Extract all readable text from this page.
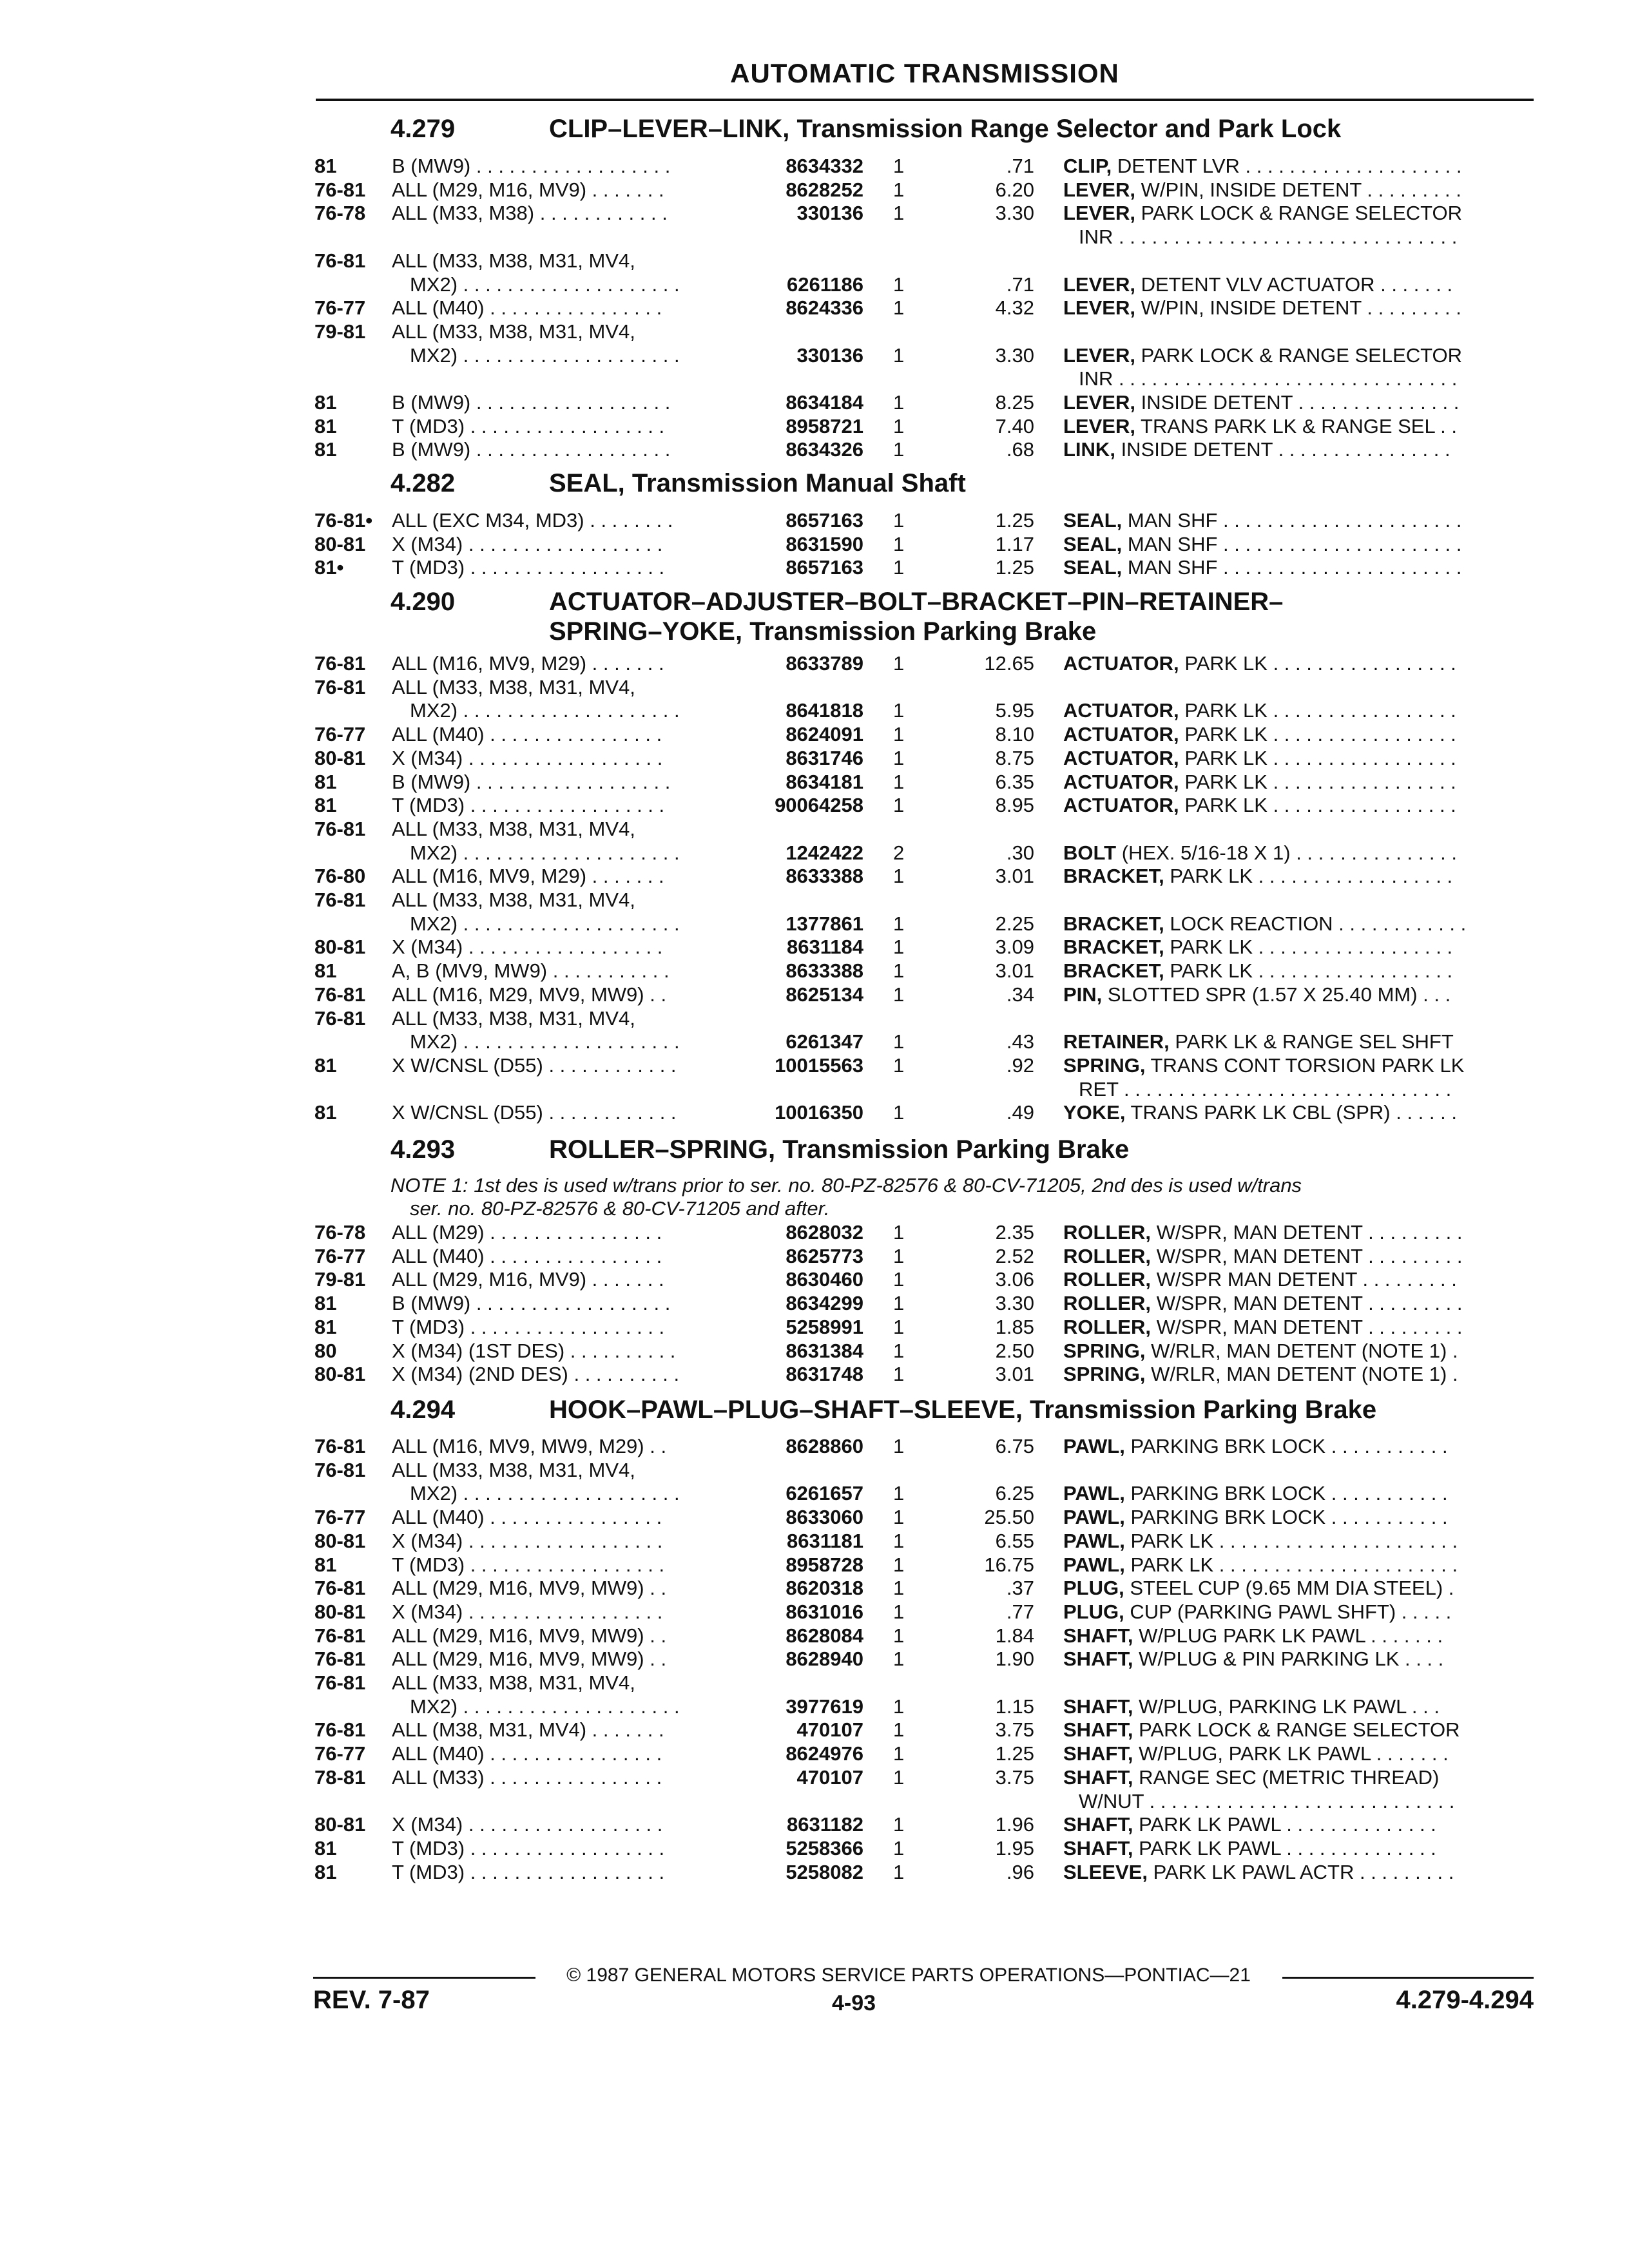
AUTOMATIC TRANSMISSION
4.279	CLIP–LEVER–LINK, Transmission Range Selector and Park Lock
81	B (MW9) . . . . . . . . . . . . . . . . . .	8634332 1	.71 CLIP, DETENT LVR . . . . . . . . . . . . . . . . . . . .
76-81 ALL (M29, M16, MV9) . . . . . . .	8628252 1	6.20 LEVER, W/PIN, INSIDE DETENT . . . . . . . . .
76-78 ALL (M33, M38) . . . . . . . . . . . .	330136 1	3.30 LEVER, PARK LOCK & RANGE SELECTOR
INR . . . . . . . . . . . . . . . . . . . . . . . . . . . . . . .
76-81 ALL (M33, M38, M31, MV4,
MX2) . . . . . . . . . . . . . . . . . . . .	6261186 1	.71 LEVER, DETENT VLV ACTUATOR . . . . . . .
76-77 ALL (M40) . . . . . . . . . . . . . . . .	8624336 1	4.32 LEVER, W/PIN, INSIDE DETENT . . . . . . . . .
79-81 ALL (M33, M38, M31, MV4,
MX2) . . . . . . . . . . . . . . . . . . . .	330136 1	3.30 LEVER, PARK LOCK & RANGE SELECTOR
INR . . . . . . . . . . . . . . . . . . . . . . . . . . . . . . .
81	B (MW9) . . . . . . . . . . . . . . . . . .	8634184 1	8.25 LEVER, INSIDE DETENT . . . . . . . . . . . . . . .
81	T (MD3) . . . . . . . . . . . . . . . . . .	8958721 1	7.40 LEVER, TRANS PARK LK & RANGE SEL . .
81	B (MW9) . . . . . . . . . . . . . . . . . .	8634326 1	.68 LINK, INSIDE DETENT . . . . . . . . . . . . . . . .
4.282	SEAL, Transmission Manual Shaft
76-81• ALL (EXC M34, MD3) . . . . . . . .	8657163 1	1.25 SEAL, MAN SHF . . . . . . . . . . . . . . . . . . . . . .
80-81 X (M34) . . . . . . . . . . . . . . . . . .	8631590 1	1.17 SEAL, MAN SHF . . . . . . . . . . . . . . . . . . . . . .
81• T (MD3) . . . . . . . . . . . . . . . . . .	8657163 1	1.25 SEAL, MAN SHF . . . . . . . . . . . . . . . . . . . . . .
4.290	ACTUATOR–ADJUSTER–BOLT–BRACKET–PIN–RETAINER–
SPRING–YOKE, Transmission Parking Brake
76-81 ALL (M16, MV9, M29) . . . . . . .	8633789 1	12.65 ACTUATOR, PARK LK . . . . . . . . . . . . . . . . .
76-81 ALL (M33, M38, M31, MV4,
MX2) . . . . . . . . . . . . . . . . . . . .	8641818 1	5.95 ACTUATOR, PARK LK . . . . . . . . . . . . . . . . .
76-77 ALL (M40) . . . . . . . . . . . . . . . .	8624091 1	8.10 ACTUATOR, PARK LK . . . . . . . . . . . . . . . . .
80-81 X (M34) . . . . . . . . . . . . . . . . . .	8631746 1	8.75 ACTUATOR, PARK LK . . . . . . . . . . . . . . . . .
81	B (MW9) . . . . . . . . . . . . . . . . . .	8634181 1	6.35 ACTUATOR, PARK LK . . . . . . . . . . . . . . . . .
81	T (MD3) . . . . . . . . . . . . . . . . . .	90064258 1	8.95 ACTUATOR, PARK LK . . . . . . . . . . . . . . . . .
76-81 ALL (M33, M38, M31, MV4,
MX2) . . . . . . . . . . . . . . . . . . . .	1242422 2	.30 BOLT (HEX. 5/16-18 X 1) . . . . . . . . . . . . . . .
76-80 ALL (M16, MV9, M29) . . . . . . .	8633388 1	3.01 BRACKET, PARK LK . . . . . . . . . . . . . . . . . .
76-81 ALL (M33, M38, M31, MV4,
MX2) . . . . . . . . . . . . . . . . . . . .	1377861 1	2.25 BRACKET, LOCK REACTION . . . . . . . . . . . .
80-81 X (M34) . . . . . . . . . . . . . . . . . .	8631184 1	3.09 BRACKET, PARK LK . . . . . . . . . . . . . . . . . .
81	A, B (MV9, MW9) . . . . . . . . . . .	8633388 1	3.01 BRACKET, PARK LK . . . . . . . . . . . . . . . . . .
76-81 ALL (M16, M29, MV9, MW9) . .	8625134 1	.34 PIN, SLOTTED SPR (1.57 X 25.40 MM) . . .
76-81 ALL (M33, M38, M31, MV4,
MX2) . . . . . . . . . . . . . . . . . . . .	6261347 1	.43 RETAINER, PARK LK & RANGE SEL SHFT
81	X W/CNSL (D55) . . . . . . . . . . . .	10015563 1	.92 SPRING, TRANS CONT TORSION PARK LK
RET . . . . . . . . . . . . . . . . . . . . . . . . . . . . . .
81	X W/CNSL (D55) . . . . . . . . . . . .	10016350 1	.49 YOKE, TRANS PARK LK CBL (SPR) . . . . . .
4.293	ROLLER–SPRING, Transmission Parking Brake
NOTE 1: 1st des is used w/trans prior to ser. no. 80-PZ-82576 & 80-CV-71205, 2nd des is used w/trans
ser. no. 80-PZ-82576 & 80-CV-71205 and after.
76-78 ALL (M29) . . . . . . . . . . . . . . . .	8628032 1	2.35 ROLLER, W/SPR, MAN DETENT . . . . . . . . .
76-77 ALL (M40) . . . . . . . . . . . . . . . .	8625773 1	2.52 ROLLER, W/SPR, MAN DETENT . . . . . . . . .
79-81 ALL (M29, M16, MV9) . . . . . . .	8630460 1	3.06 ROLLER, W/SPR MAN DETENT . . . . . . . . .
81	B (MW9) . . . . . . . . . . . . . . . . . .	8634299 1	3.30 ROLLER, W/SPR, MAN DETENT . . . . . . . . .
81	T (MD3) . . . . . . . . . . . . . . . . . .	5258991 1	1.85 ROLLER, W/SPR, MAN DETENT . . . . . . . . .
80	X (M34) (1ST DES) . . . . . . . . . .	8631384 1	2.50 SPRING, W/RLR, MAN DETENT (NOTE 1) .
80-81 X (M34) (2ND DES) . . . . . . . . . .	8631748 1	3.01 SPRING, W/RLR, MAN DETENT (NOTE 1) .
4.294	HOOK–PAWL–PLUG–SHAFT–SLEEVE, Transmission Parking Brake
76-81 ALL (M16, MV9, MW9, M29) . .	8628860 1	6.75 PAWL, PARKING BRK LOCK . . . . . . . . . . .
76-81 ALL (M33, M38, M31, MV4,
MX2) . . . . . . . . . . . . . . . . . . . .	6261657 1	6.25 PAWL, PARKING BRK LOCK . . . . . . . . . . .
76-77 ALL (M40) . . . . . . . . . . . . . . . .	8633060 1	25.50 PAWL, PARKING BRK LOCK . . . . . . . . . . .
80-81 X (M34) . . . . . . . . . . . . . . . . . .	8631181 1	6.55 PAWL, PARK LK . . . . . . . . . . . . . . . . . . . . . .
81	T (MD3) . . . . . . . . . . . . . . . . . .	8958728 1	16.75 PAWL, PARK LK . . . . . . . . . . . . . . . . . . . . . .
76-81 ALL (M29, M16, MV9, MW9) . .	8620318 1	.37 PLUG, STEEL CUP (9.65 MM DIA STEEL) .
80-81 X (M34) . . . . . . . . . . . . . . . . . .	8631016 1	.77 PLUG, CUP (PARKING PAWL SHFT) . . . . .
76-81 ALL (M29, M16, MV9, MW9) . .	8628084 1	1.84 SHAFT, W/PLUG PARK LK PAWL . . . . . . .
76-81 ALL (M29, M16, MV9, MW9) . .	8628940 1	1.90 SHAFT, W/PLUG & PIN PARKING LK . . . .
76-81 ALL (M33, M38, M31, MV4,
MX2) . . . . . . . . . . . . . . . . . . . .	3977619 1	1.15 SHAFT, W/PLUG, PARKING LK PAWL . . .
76-81 ALL (M38, M31, MV4) . . . . . . .	470107 1	3.75 SHAFT, PARK LOCK & RANGE SELECTOR
76-77 ALL (M40) . . . . . . . . . . . . . . . .	8624976 1	1.25 SHAFT, W/PLUG, PARK LK PAWL . . . . . . .
78-81 ALL (M33) . . . . . . . . . . . . . . . .	470107 1	3.75 SHAFT, RANGE SEC (METRIC THREAD)
W/NUT . . . . . . . . . . . . . . . . . . . . . . . . . . . .
80-81 X (M34) . . . . . . . . . . . . . . . . . .	8631182 1	1.96 SHAFT, PARK LK PAWL . . . . . . . . . . . . . .
81	T (MD3) . . . . . . . . . . . . . . . . . .	5258366 1	1.95 SHAFT, PARK LK PAWL . . . . . . . . . . . . . .
81	T (MD3) . . . . . . . . . . . . . . . . . .	5258082 1	.96 SLEEVE, PARK LK PAWL ACTR . . . . . . . . .
© 1987 GENERAL MOTORS SERVICE PARTS OPERATIONS—PONTIAC—21
REV. 7-87	4-93	4.279-4.294
